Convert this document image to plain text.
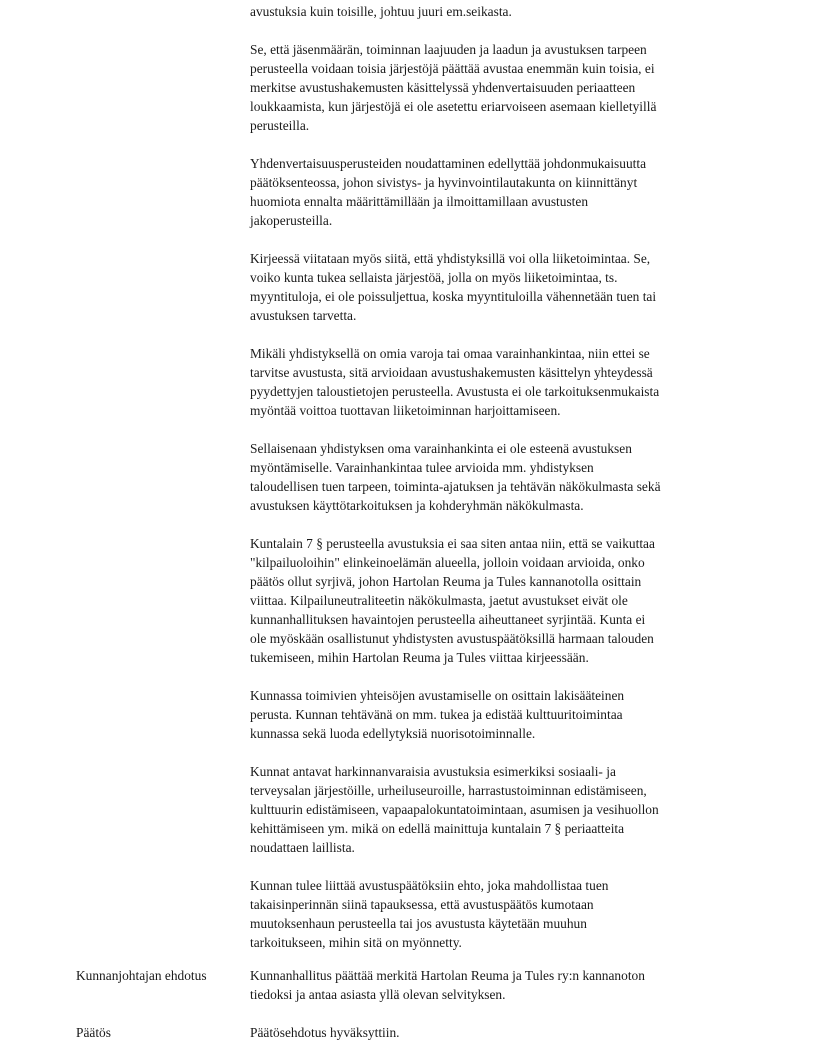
avustuksia kuin toisille, johtuu juuri em.seikasta.

Se, että jäsenmäärän, toiminnan laajuuden ja laadun ja avustuksen tarpeen
perusteella voidaan toisia järjestöjä päättää avustaa enemmän kuin toisia, ei
merkitse avustushakemusten käsittelyssä yhdenvertaisuuden periaatteen
loukkaamista, kun järjestöjä ei ole asetettu eriarvoiseen asemaan kielletyillä
perusteilla.

Yhdenvertaisuusperusteiden noudattaminen edellyttää johdonmukaisuutta
päätöksenteossa, johon sivistys- ja hyvinvointilautakunta on kiinnittänyt
huomiota ennalta määrittämillään ja ilmoittamillaan avustusten
jakoperusteilla.

Kirjeessä viitataan myös siitä, että yhdistyksillä voi olla liiketoimintaa. Se,
voiko kunta tukea sellaista järjestöä, jolla on myös liiketoimintaa, ts.
myyntituloja, ei ole poissuljettua, koska myyntituloilla vähennetään tuen tai
avustuksen tarvetta.

Mikäli yhdistyksellä on omia varoja tai omaa varainhankintaa, niin ettei se
tarvitse avustusta, sitä arvioidaan avustushakemusten käsittelyn yhteydessä
pyydettyjen taloustietojen perusteella. Avustusta ei ole tarkoituksenmukaista
myöntää voittoa tuottavan liiketoiminnan harjoittamiseen.

Sellaisenaan yhdistyksen oma varainhankinta ei ole esteenä avustuksen
myöntämiselle. Varainhankintaa tulee arvioida mm. yhdistyksen
taloudellisen tuen tarpeen, toiminta-ajatuksen ja tehtävän näkökulmasta sekä
avustuksen käyttötarkoituksen ja kohderyhmän näkökulmasta.

Kuntalain 7 § perusteella avustuksia ei saa siten antaa niin, että se vaikuttaa
"kilpailuoloihin" elinkeinoelämän alueella, jolloin voidaan arvioida, onko
päätös ollut syrjivä, johon Hartolan Reuma ja Tules kannanotolla osittain
viittaa. Kilpailuneutraliteetin näkökulmasta, jaetut avustukset eivät ole
kunnanhallituksen havaintojen perusteella aiheuttaneet syrjintää. Kunta ei
ole myöskään osallistunut yhdistysten avustuspäätöksillä harmaan talouden
tukemiseen, mihin Hartolan Reuma ja Tules viittaa kirjeessään.

Kunnassa toimivien yhteisöjen avustamiselle on osittain lakisääteinen
perusta. Kunnan tehtävänä on mm. tukea ja edistää kulttuuritoimintaa
kunnassa sekä luoda edellytyksiä nuorisotoiminnalle.

Kunnat antavat harkinnanvaraisia avustuksia esimerkiksi sosiaali- ja
terveysalan järjestöille, urheiluseuroille, harrastustoiminnan edistämiseen,
kulttuurin edistämiseen, vapaapalokuntatoimintaan, asumisen ja vesihuollon
kehittämiseen ym. mikä on edellä mainittuja kuntalain 7 § periaatteita
noudattaen laillista.

Kunnan tulee liittää avustuspäätöksiin ehto, joka mahdollistaa tuen
takaisinperinnän siinä tapauksessa, että avustuspäätös kumotaan
muutoksenhaun perusteella tai jos avustusta käytetään muuhun
tarkoitukseen, mihin sitä on myönnetty.

Kunnanjohtajan ehdotus	Kunnanhallitus päättää merkitä Hartolan Reuma ja Tules ry:n kannanoton
tiedoksi ja antaa asiasta yllä olevan selvityksen.
Päätös	Päätösehdotus hyväksyttiin.
